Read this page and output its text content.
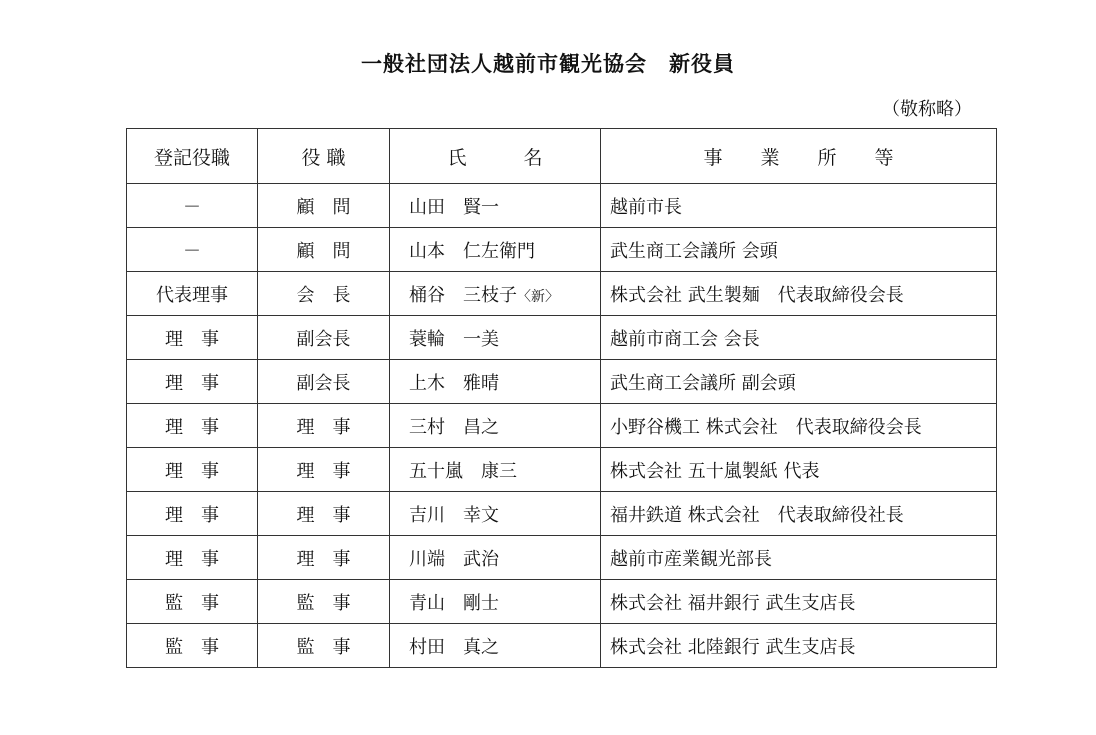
一般社団法人越前市観光協会　新役員
（敬称略）
登記役職	役 職	氏　　　名	事　　業　　所　　等
－	顧　問	山田　賢一	越前市長
－	顧　問	山本　仁左衛門	武生商工会議所 会頭
代表理事	会　長	桶谷　三枝子〈新〉	株式会社 武生製麺　代表取締役会長
理　事	副会長	蓑輪　一美	越前市商工会 会長
理　事	副会長	上木　雅晴	武生商工会議所 副会頭
理　事	理　事	三村　昌之	小野谷機工 株式会社　代表取締役会長
理　事	理　事	五十嵐　康三	株式会社 五十嵐製紙 代表
理　事	理　事	吉川　幸文	福井鉄道 株式会社　代表取締役社長
理　事	理　事	川端　武治	越前市産業観光部長
監　事	監　事	青山　剛士	株式会社 福井銀行 武生支店長
監　事	監　事	村田　真之	株式会社 北陸銀行 武生支店長
